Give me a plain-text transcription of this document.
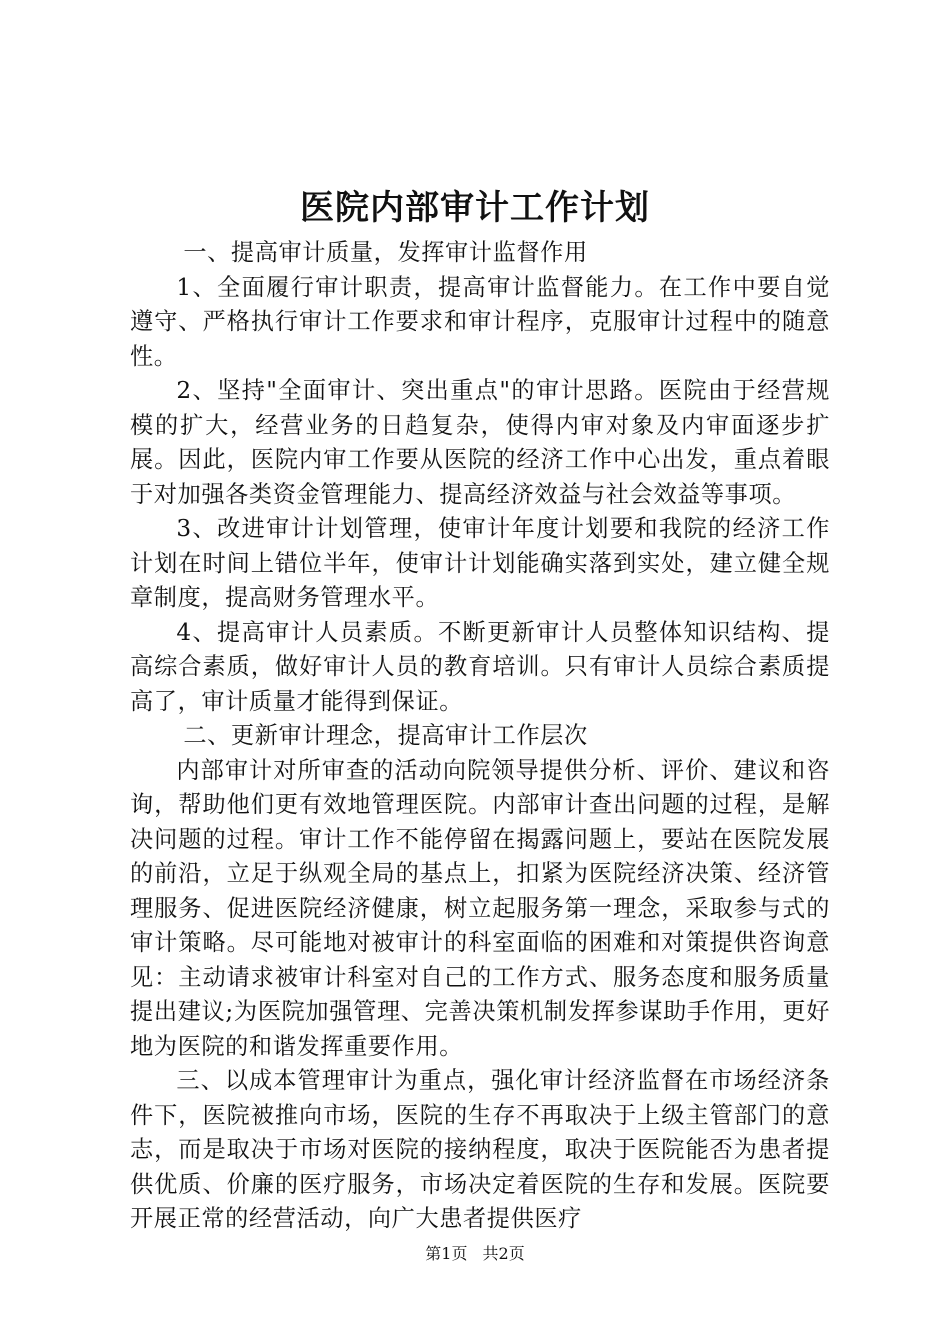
医院内部审计工作计划

一、提高审计质量，发挥审计监督作用

1、全面履行审计职责，提高审计监督能力。在工作中要自觉遵守、严格执行审计工作要求和审计程序，克服审计过程中的随意性。

2、坚持"全面审计、突出重点"的审计思路。医院由于经营规模的扩大，经营业务的日趋复杂，使得内审对象及内审面逐步扩展。因此，医院内审工作要从医院的经济工作中心出发，重点着眼于对加强各类资金管理能力、提高经济效益与社会效益等事项。

3、改进审计计划管理，使审计年度计划要和我院的经济工作计划在时间上错位半年，使审计计划能确实落到实处，建立健全规章制度，提高财务管理水平。

4、提高审计人员素质。不断更新审计人员整体知识结构、提高综合素质，做好审计人员的教育培训。只有审计人员综合素质提高了，审计质量才能得到保证。

二、更新审计理念，提高审计工作层次

内部审计对所审查的活动向院领导提供分析、评价、建议和咨询，帮助他们更有效地管理医院。内部审计查出问题的过程，是解决问题的过程。审计工作不能停留在揭露问题上，要站在医院发展的前沿，立足于纵观全局的基点上，扣紧为医院经济决策、经济管理服务、促进医院经济健康，树立起服务第一理念，采取参与式的审计策略。尽可能地对被审计的科室面临的困难和对策提供咨询意见：主动请求被审计科室对自己的工作方式、服务态度和服务质量提出建议;为医院加强管理、完善决策机制发挥参谋助手作用，更好地为医院的和谐发挥重要作用。

三、以成本管理审计为重点，强化审计经济监督在市场经济条件下，医院被推向市场，医院的生存不再取决于上级主管部门的意志，而是取决于市场对医院的接纳程度，取决于医院能否为患者提供优质、价廉的医疗服务，市场决定着医院的生存和发展。医院要开展正常的经营活动，向广大患者提供医疗

第1页 共2页
